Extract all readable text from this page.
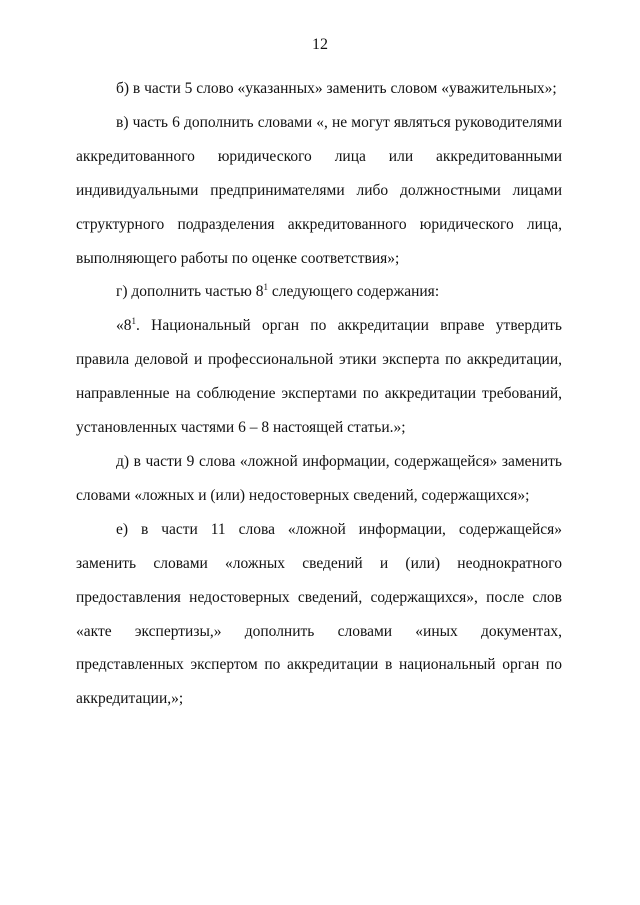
12

б) в части 5 слово «указанных» заменить словом «уважительных»;

в) часть 6 дополнить словами «, не могут являться руководителями аккредитованного юридического лица или аккредитованными индивидуальными предпринимателями либо должностными лицами структурного подразделения аккредитованного юридического лица, выполняющего работы по оценке соответствия»;

г) дополнить частью $8^1$ следующего содержания:

«$8^1$. Национальный орган по аккредитации вправе утвердить правила деловой и профессиональной этики эксперта по аккредитации, направленные на соблюдение экспертами по аккредитации требований, установленных частями 6 – 8 настоящей статьи.»;

д) в части 9 слова «ложной информации, содержащейся» заменить словами «ложных и (или) недостоверных сведений, содержащихся»;

е) в части 11 слова «ложной информации, содержащейся» заменить словами «ложных сведений и (или) неоднократного предоставления недостоверных сведений, содержащихся», после слов «акте экспертизы,» дополнить словами «иных документах, представленных экспертом по аккредитации в национальный орган по аккредитации,»;
